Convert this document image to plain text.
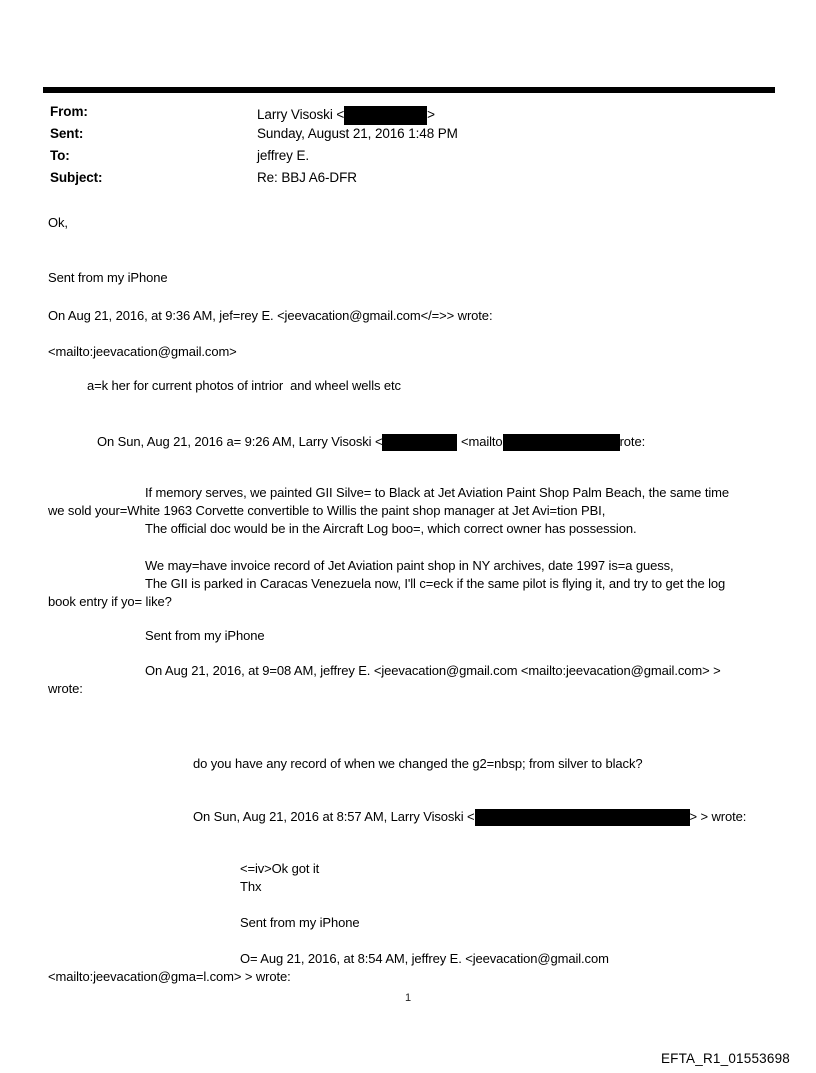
From:	Larry Visoski <	>
Sent:	Sunday, August 21, 2016 1:48 PM
To:	jeffrey E.
Subject:	Re: BBJ A6-DFR
Ok,
Sent from my iPhone
On Aug 21, 2016, at 9:36 AM, jef=rey E. <jeevacation@gmail.com</=>> wrote:
<mailto:jeevacation@gmail.com>
a=k her for current photos of intrior  and wheel wells etc
On Sun, Aug 21, 2016 a= 9:26 AM, Larry Visoski <	<mailto	rote:
If memory serves, we painted GII Silve= to Black at Jet Aviation Paint Shop Palm Beach, the same time
we sold your=White 1963 Corvette convertible to Willis the paint shop manager at Jet Avi=tion PBI,
The official doc would be in the Aircraft Log boo=, which correct owner has possession.
We may=have invoice record of Jet Aviation paint shop in NY archives, date 1997 is=a guess,
The GII is parked in Caracas Venezuela now, I'll c=eck if the same pilot is flying it, and try to get the log
book entry if yo= like?
Sent from my iPhone
On Aug 21, 2016, at 9=08 AM, jeffrey E. <jeevacation@gmail.com <mailto:jeevacation@gmail.com> >
wrote:
do you have any record of when we changed the g2=nbsp; from silver to black?
On Sun, Aug 21, 2016 at 8:57 AM, Larry Visoski <	> > wrote:
<=iv>Ok got it
Thx
Sent from my iPhone
O= Aug 21, 2016, at 8:54 AM, jeffrey E. <jeevacation@gmail.com
<mailto:jeevacation@gma=l.com> > wrote:
1
EFTA_R1_01553698
